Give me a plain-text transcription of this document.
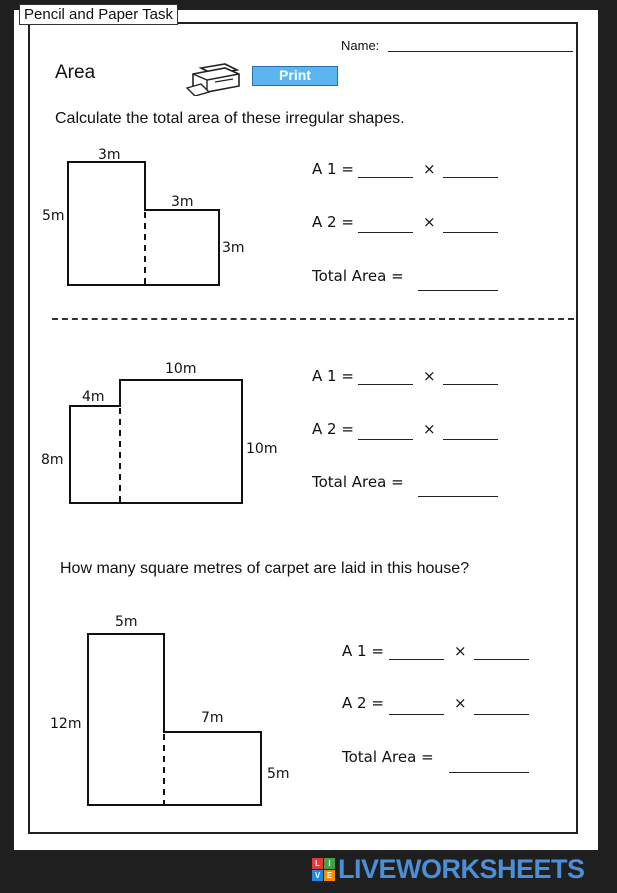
Pencil and Paper Task
Name:
Area	Print
Calculate the total area of these irregular shapes.
3m
3m
5m
3m
A 1 =	×
A 2 =	×
Total Area =
10m
4m
8m
10m
A 1 =	×
A 2 =	×
Total Area =
How many square metres of carpet are laid in this house?
5m
7m
12m
5m
A 1 =	×
A 2 =	×
Total Area =
L	I
V E LIVEWORKSHEETS
